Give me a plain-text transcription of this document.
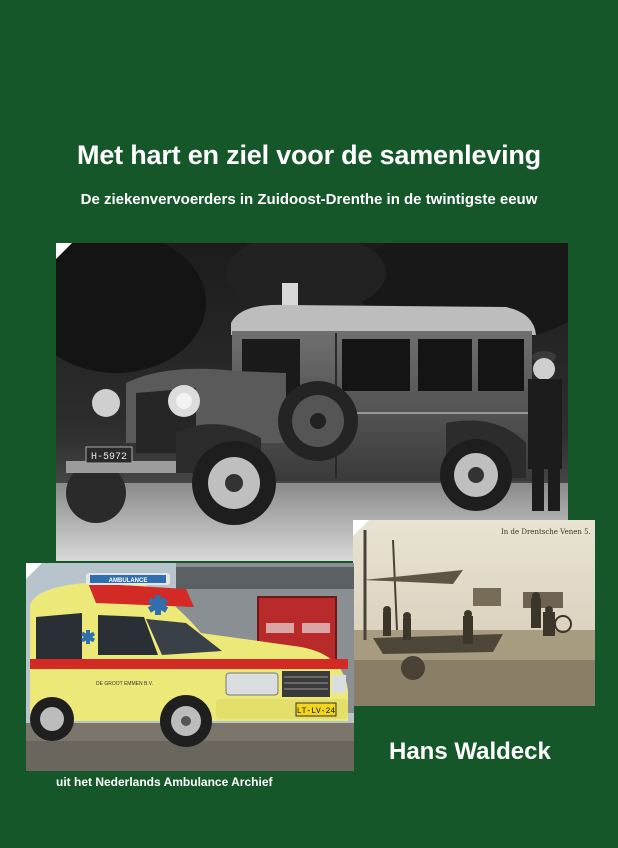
Met hart en ziel voor de samenleving
De ziekenvervoerders in Zuidoost-Drenthe in de twintigste eeuw
H-5972
In de Drentsche Venen 5.
AMBULANCE
DE GROOT EMMEN B.V.
LT-LV-24
Hans Waldeck
uit het Nederlands Ambulance Archief
